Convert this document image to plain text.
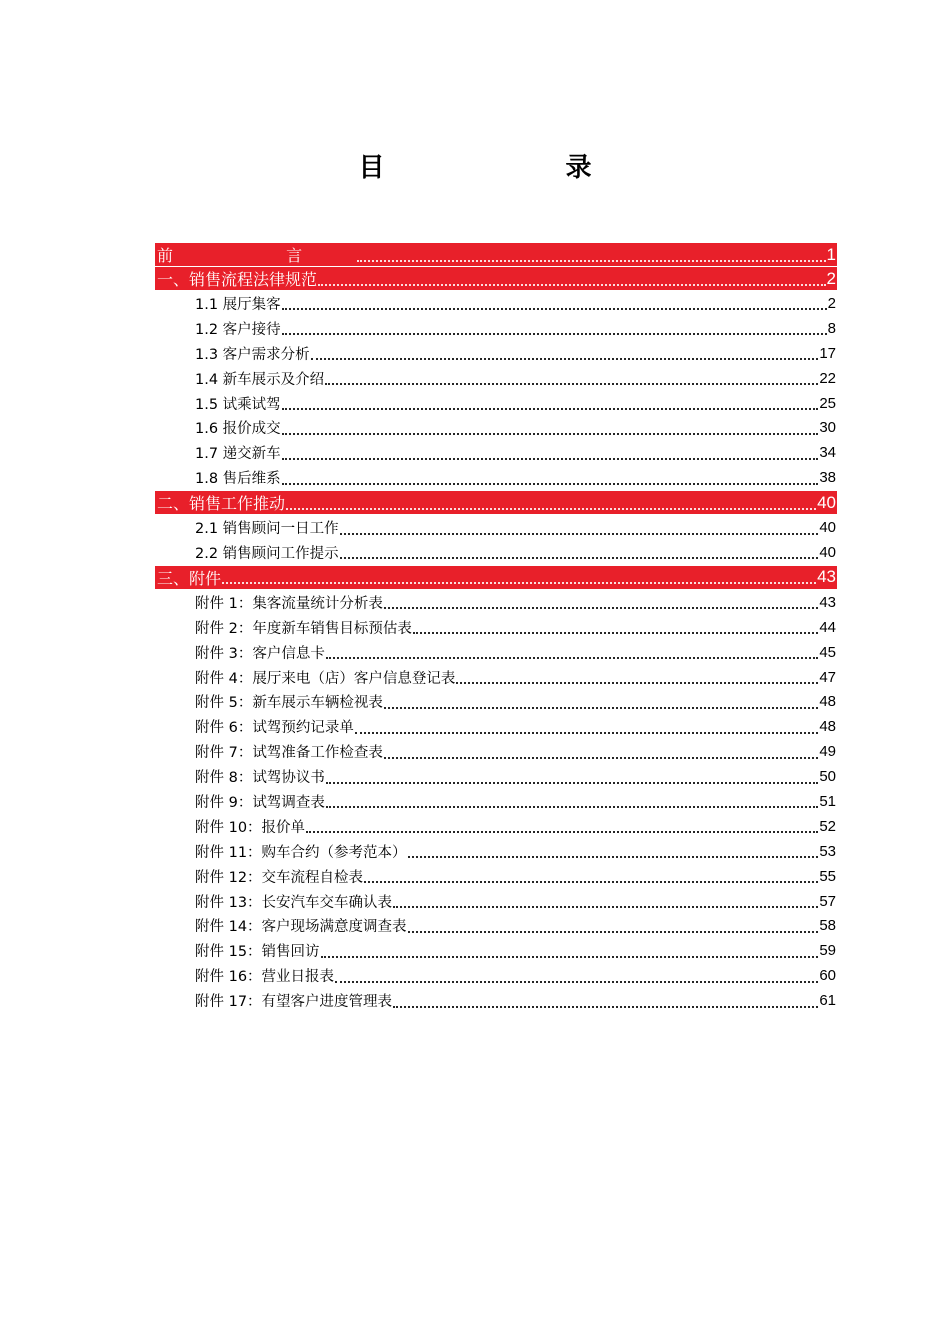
目 录
前 言	1
一、销售流程法律规范	2
1.1 展厅集客	2
1.2 客户接待	8
1.3 客户需求分析	17
1.4 新车展示及介绍	22
1.5 试乘试驾	25
1.6 报价成交	30
1.7 递交新车	34
1.8 售后维系	38
二、销售工作推动	40
2.1 销售顾问一日工作	40
2.2 销售顾问工作提示	40
三、附件	43
附件 1：集客流量统计分析表	43
附件 2：年度新车销售目标预估表	44
附件 3：客户信息卡	45
附件 4：展厅来电（店）客户信息登记表	47
附件 5：新车展示车辆检视表	48
附件 6：试驾预约记录单	48
附件 7：试驾准备工作检查表	49
附件 8：试驾协议书	50
附件 9：试驾调查表	51
附件 10：报价单	52
附件 11：购车合约（参考范本）	53
附件 12：交车流程自检表	55
附件 13：长安汽车交车确认表	57
附件 14：客户现场满意度调查表	58
附件 15：销售回访	59
附件 16：营业日报表	60
附件 17：有望客户进度管理表	61
